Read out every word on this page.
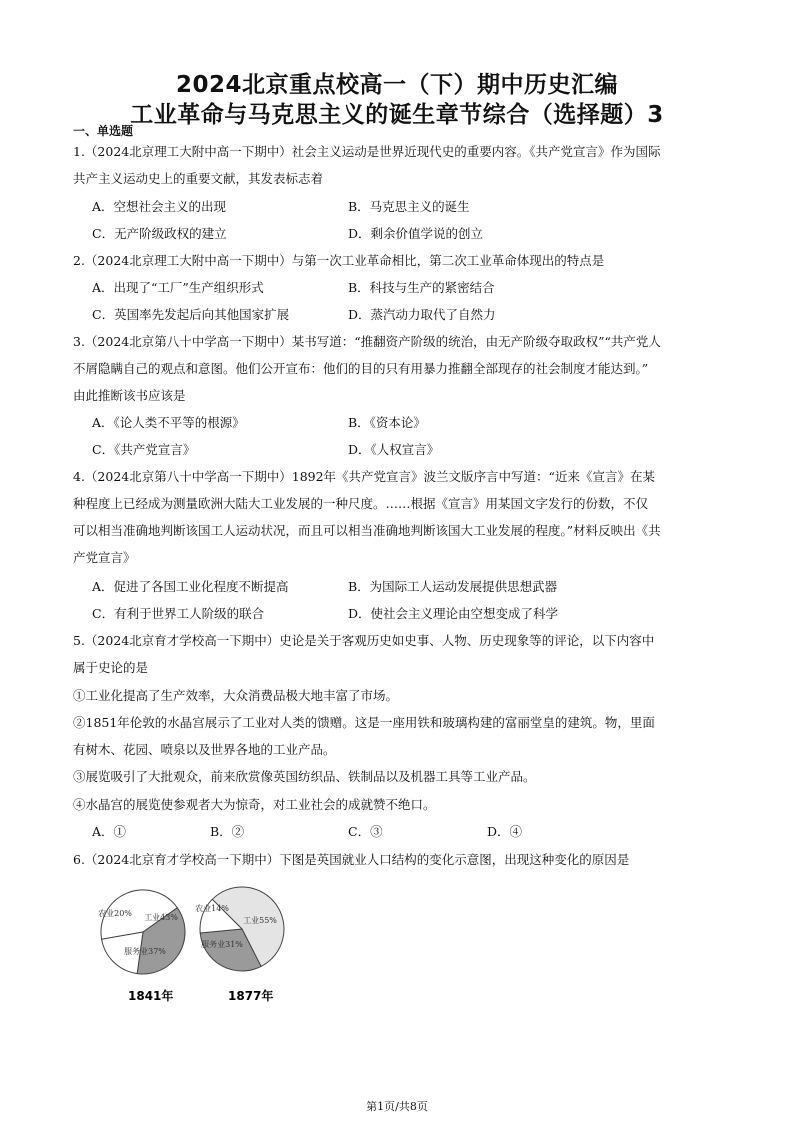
2024北京重点校高一（下）期中历史汇编
工业革命与马克思主义的诞生章节综合（选择题）3
一、单选题
1.（2024北京理工大附中高一下期中）社会主义运动是世界近现代史的重要内容。《共产党宣言》作为国际
共产主义运动史上的重要文献，其发表标志着
A．空想社会主义的出现	B．马克思主义的诞生
C．无产阶级政权的建立	D．剩余价值学说的创立
2.（2024北京理工大附中高一下期中）与第一次工业革命相比，第二次工业革命体现出的特点是
A．出现了“工厂”生产组织形式	B．科技与生产的紧密结合
C．英国率先发起后向其他国家扩展	D．蒸汽动力取代了自然力
3.（2024北京第八十中学高一下期中）某书写道：“推翻资产阶级的统治，由无产阶级夺取政权”“共产党人
不屑隐瞒自己的观点和意图。他们公开宣布：他们的目的只有用暴力推翻全部现存的社会制度才能达到。”
由此推断该书应该是
A．《论人类不平等的根源》	B．《资本论》
C．《共产党宣言》	D．《人权宣言》
4.（2024北京第八十中学高一下期中）1892年《共产党宣言》波兰文版序言中写道：“近来《宣言》在某
种程度上已经成为测量欧洲大陆大工业发展的一种尺度。……根据《宣言》用某国文字发行的份数，不仅
可以相当准确地判断该国工人运动状况，而且可以相当准确地判断该国大工业发展的程度。”材料反映出《共
产党宣言》
A．促进了各国工业化程度不断提高	B．为国际工人运动发展提供思想武器
C．有利于世界工人阶级的联合	D．使社会主义理论由空想变成了科学
5.（2024北京育才学校高一下期中）史论是关于客观历史如史事、人物、历史现象等的评论，以下内容中
属于史论的是
①工业化提高了生产效率，大众消费品极大地丰富了市场。
②1851年伦敦的水晶宫展示了工业对人类的馈赠。这是一座用铁和玻璃构建的富丽堂皇的建筑。物，里面
有树木、花园、喷泉以及世界各地的工业产品。
③展览吸引了大批观众，前来欣赏像英国纺织品、铁制品以及机器工具等工业产品。
④水晶宫的展览使参观者大为惊奇，对工业社会的成就赞不绝口。
A．①	B．②	C．③	D．④
6.（2024北京育才学校高一下期中）下图是英国就业人口结构的变化示意图，出现这种变化的原因是
工业43%
服务业37%
农业20%
1841年
工业55%
服务业31%
农业14%
1877年
第1页/共8页
